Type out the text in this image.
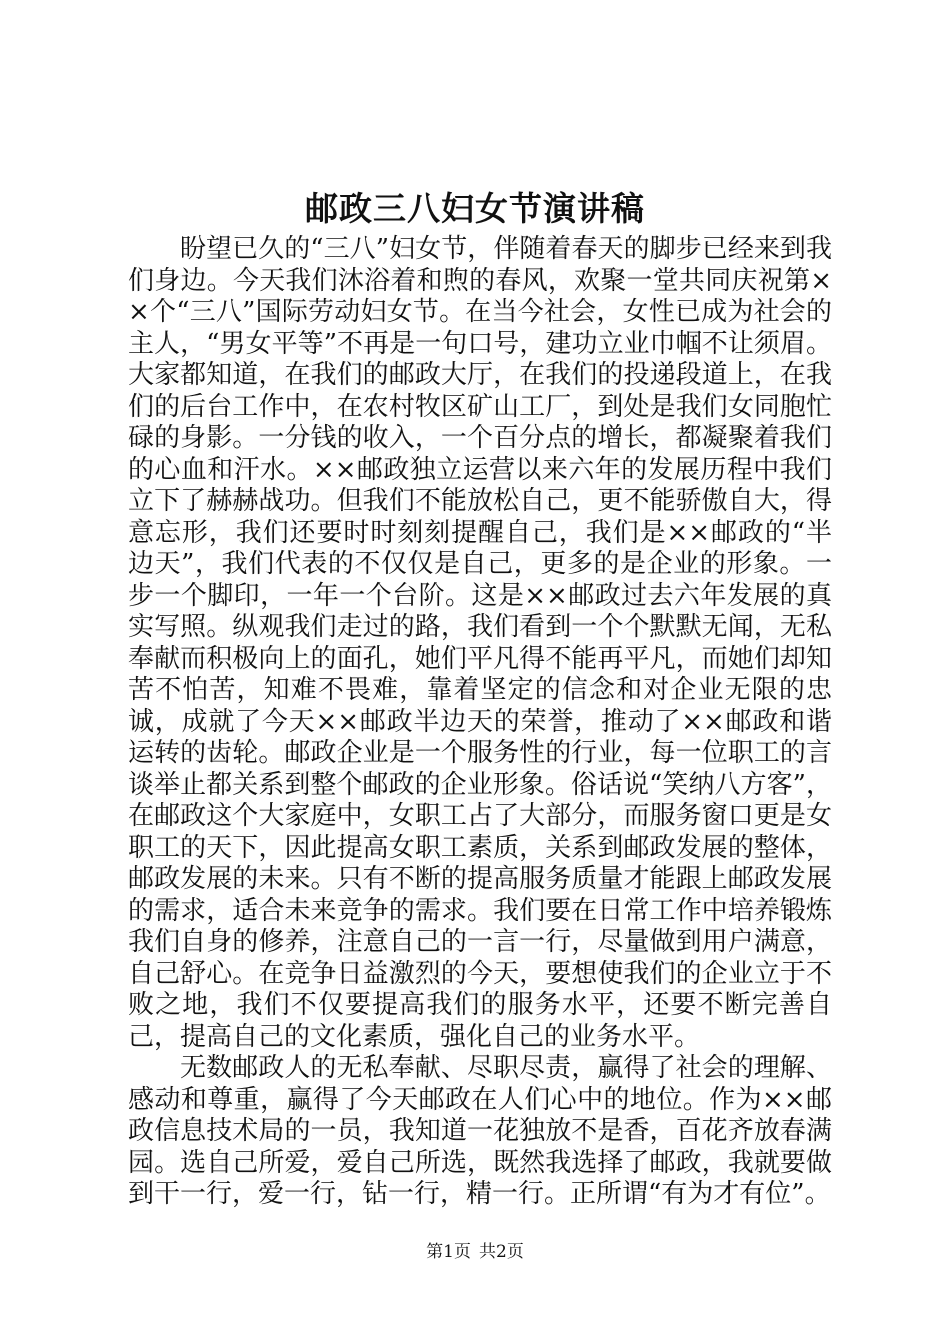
邮政三八妇女节演讲稿

盼望已久的“三八”妇女节，伴随着春天的脚步已经来到我们身边。今天我们沐浴着和煦的春风，欢聚一堂共同庆祝第××个“三八”国际劳动妇女节。在当今社会，女性已成为社会的主人，“男女平等”不再是一句口号，建功立业巾帼不让须眉。大家都知道，在我们的邮政大厅，在我们的投递段道上，在我们的后台工作中，在农村牧区矿山工厂，到处是我们女同胞忙碌的身影。一分钱的收入，一个百分点的增长，都凝聚着我们的心血和汗水。××邮政独立运营以来六年的发展历程中我们立下了赫赫战功。但我们不能放松自己，更不能骄傲自大，得意忘形，我们还要时时刻刻提醒自己，我们是××邮政的“半边天”，我们代表的不仅仅是自己，更多的是企业的形象。一步一个脚印，一年一个台阶。这是××邮政过去六年发展的真实写照。纵观我们走过的路，我们看到一个个默默无闻，无私奉献而积极向上的面孔，她们平凡得不能再平凡，而她们却知苦不怕苦，知难不畏难，靠着坚定的信念和对企业无限的忠诚，成就了今天××邮政半边天的荣誉，推动了××邮政和谐运转的齿轮。邮政企业是一个服务性的行业，每一位职工的言谈举止都关系到整个邮政的企业形象。俗话说“笑纳八方客”，在邮政这个大家庭中，女职工占了大部分，而服务窗口更是女职工的天下，因此提高女职工素质，关系到邮政发展的整体，邮政发展的未来。只有不断的提高服务质量才能跟上邮政发展的需求，适合未来竞争的需求。我们要在日常工作中培养锻炼我们自身的修养，注意自己的一言一行，尽量做到用户满意，自己舒心。在竞争日益激烈的今天，要想使我们的企业立于不败之地，我们不仅要提高我们的服务水平，还要不断完善自己，提高自己的文化素质，强化自己的业务水平。

无数邮政人的无私奉献、尽职尽责，赢得了社会的理解、感动和尊重，赢得了今天邮政在人们心中的地位。作为××邮政信息技术局的一员，我知道一花独放不是香，百花齐放春满园。选自己所爱，爱自己所选，既然我选择了邮政，我就要做到干一行，爱一行，钻一行，精一行。正所谓“有为才有位”。

第1页 共2页
